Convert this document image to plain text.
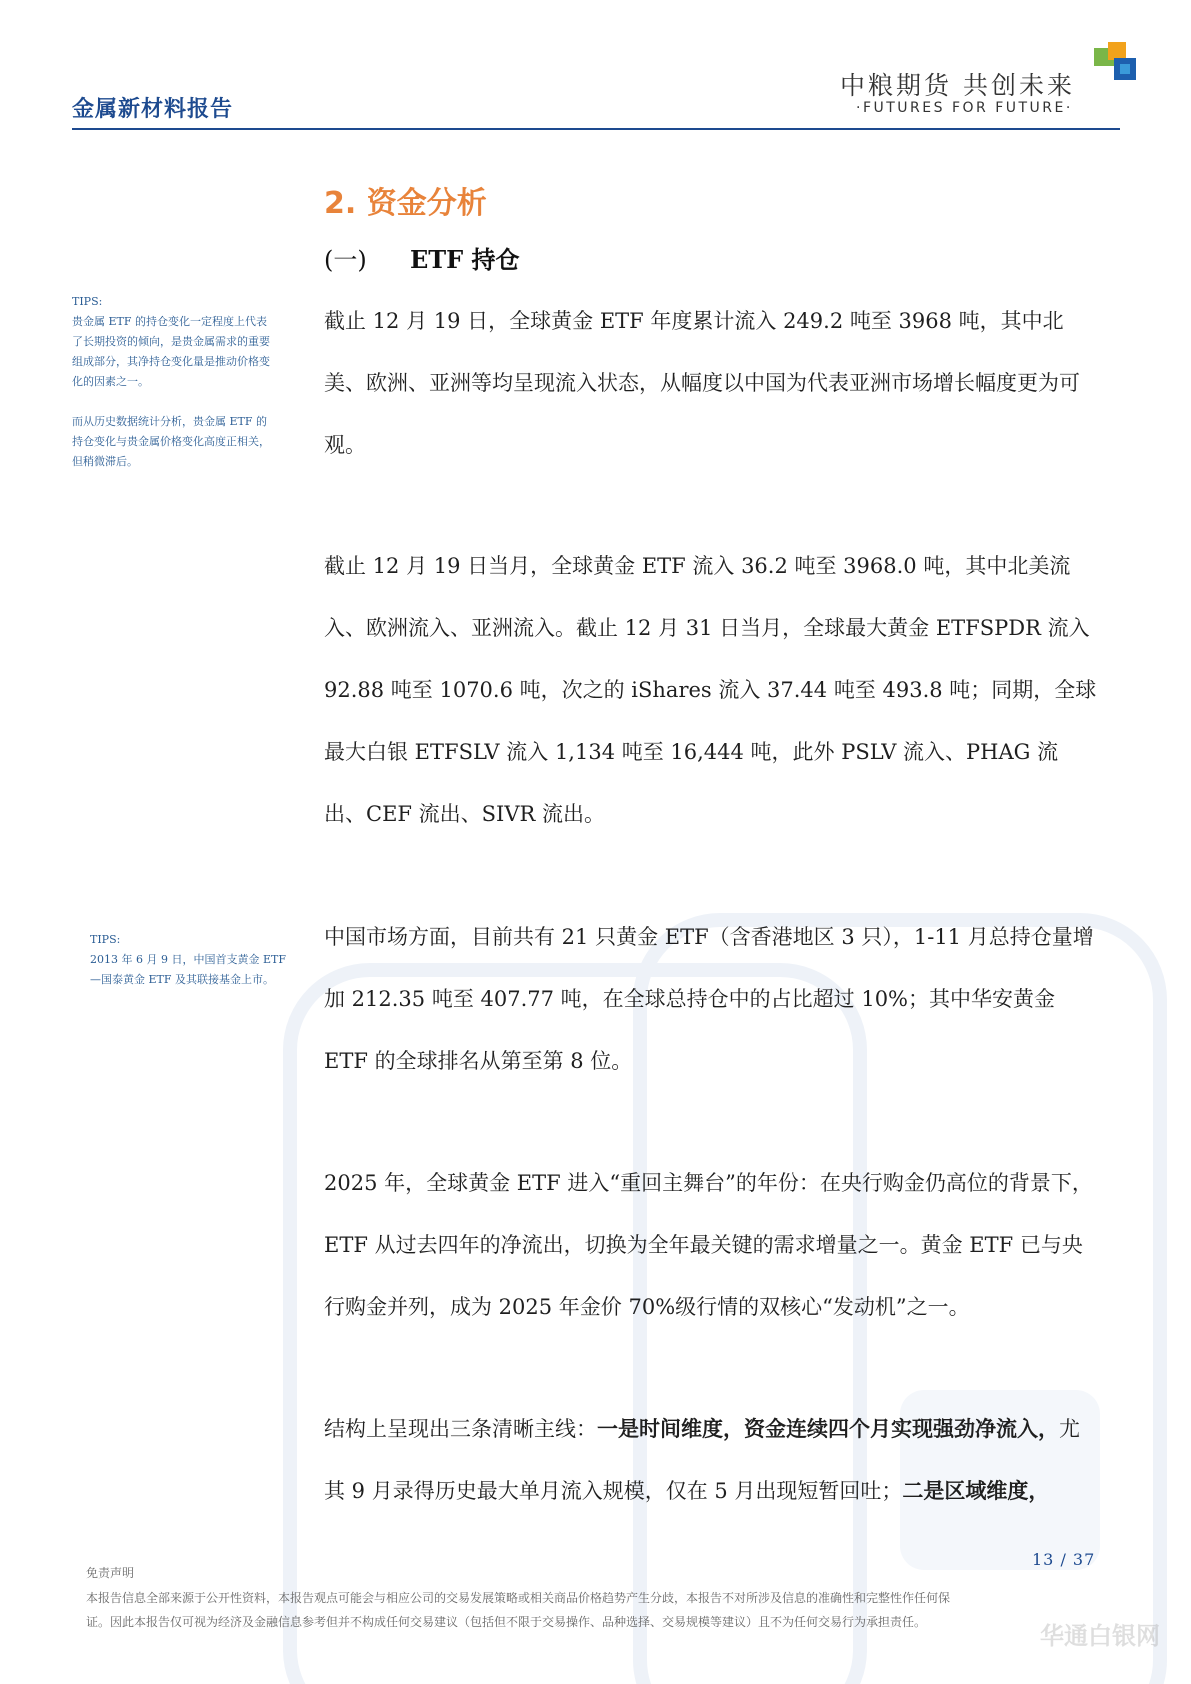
金属新材料报告
中粮期货 共创未来
·FUTURES FOR FUTURE·
2. 资金分析
(一) ETF 持仓
截止 12 月 19 日，全球黄金 ETF 年度累计流入 249.2 吨至 3968 吨，其中北美、欧洲、亚洲等均呈现流入状态，从幅度以中国为代表亚洲市场增长幅度更为可观。
截止 12 月 19 日当月，全球黄金 ETF 流入 36.2 吨至 3968.0 吨，其中北美流入、欧洲流入、亚洲流入。截止 12 月 31 日当月，全球最大黄金 ETFSPDR 流入 92.88 吨至 1070.6 吨，次之的 iShares 流入 37.44 吨至 493.8 吨；同期，全球最大白银 ETFSLV 流入 1,134 吨至 16,444 吨，此外 PSLV 流入、PHAG 流出、CEF 流出、SIVR 流出。
中国市场方面，目前共有 21 只黄金 ETF（含香港地区 3 只），1-11 月总持仓量增加 212.35 吨至 407.77 吨，在全球总持仓中的占比超过 10%；其中华安黄金 ETF 的全球排名从第至第 8 位。
2025 年，全球黄金 ETF 进入“重回主舞台”的年份：在央行购金仍高位的背景下，ETF 从过去四年的净流出，切换为全年最关键的需求增量之一。黄金 ETF 已与央行购金并列，成为 2025 年金价 70%级行情的双核心“发动机”之一。
结构上呈现出三条清晰主线：一是时间维度，资金连续四个月实现强劲净流入，尤其 9 月录得历史最大单月流入规模，仅在 5 月出现短暂回吐；二是区域维度，

TIPS:

贵金属 ETF 的持仓变化一定程度上代表了长期投资的倾向，是贵金属需求的重要组成部分，其净持仓变化量是推动价格变化的因素之一。

而从历史数据统计分析，贵金属 ETF 的持仓变化与贵金属价格变化高度正相关，但稍微滞后。

TIPS:

2013 年 6 月 9 日，中国首支黄金 ETF—国泰黄金 ETF 及其联接基金上市。

13 / 37
免责声明

本报告信息全部来源于公开性资料，本报告观点可能会与相应公司的交易发展策略或相关商品价格趋势产生分歧，本报告不对所涉及信息的准确性和完整性作任何保

证。因此本报告仅可视为经济及金融信息参考但并不构成任何交易建议（包括但不限于交易操作、品种选择、交易规模等建议）且不为任何交易行为承担责任。	华通白银网
